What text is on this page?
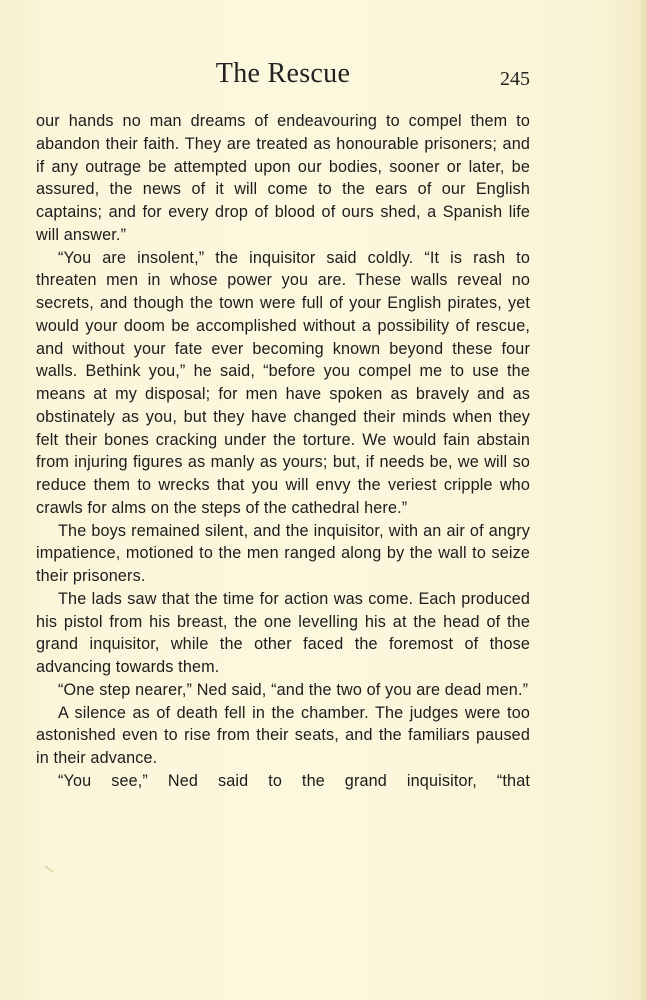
The Rescue	245

our hands no man dreams of endeavouring to compel them to abandon their faith. They are treated as honourable prisoners; and if any outrage be attempted upon our bodies, sooner or later, be assured, the news of it will come to the ears of our English captains; and for every drop of blood of ours shed, a Spanish life will answer.”

“You are insolent,” the inquisitor said coldly. “It is rash to threaten men in whose power you are. These walls reveal no secrets, and though the town were full of your English pirates, yet would your doom be accomplished without a possibility of rescue, and without your fate ever becoming known beyond these four walls. Bethink you,” he said, “before you compel me to use the means at my disposal; for men have spoken as bravely and as obstinately as you, but they have changed their minds when they felt their bones cracking under the torture. We would fain abstain from injuring figures as manly as yours; but, if needs be, we will so reduce them to wrecks that you will envy the veriest cripple who crawls for alms on the steps of the cathedral here.”

The boys remained silent, and the inquisitor, with an air of angry impatience, motioned to the men ranged along by the wall to seize their prisoners.

The lads saw that the time for action was come. Each produced his pistol from his breast, the one levelling his at the head of the grand inquisitor, while the other faced the foremost of those advancing towards them.

“One step nearer,” Ned said, “and the two of you are dead men.”

A silence as of death fell in the chamber. The judges were too astonished even to rise from their seats, and the familiars paused in their advance.

“You see,” Ned said to the grand inquisitor, “that
